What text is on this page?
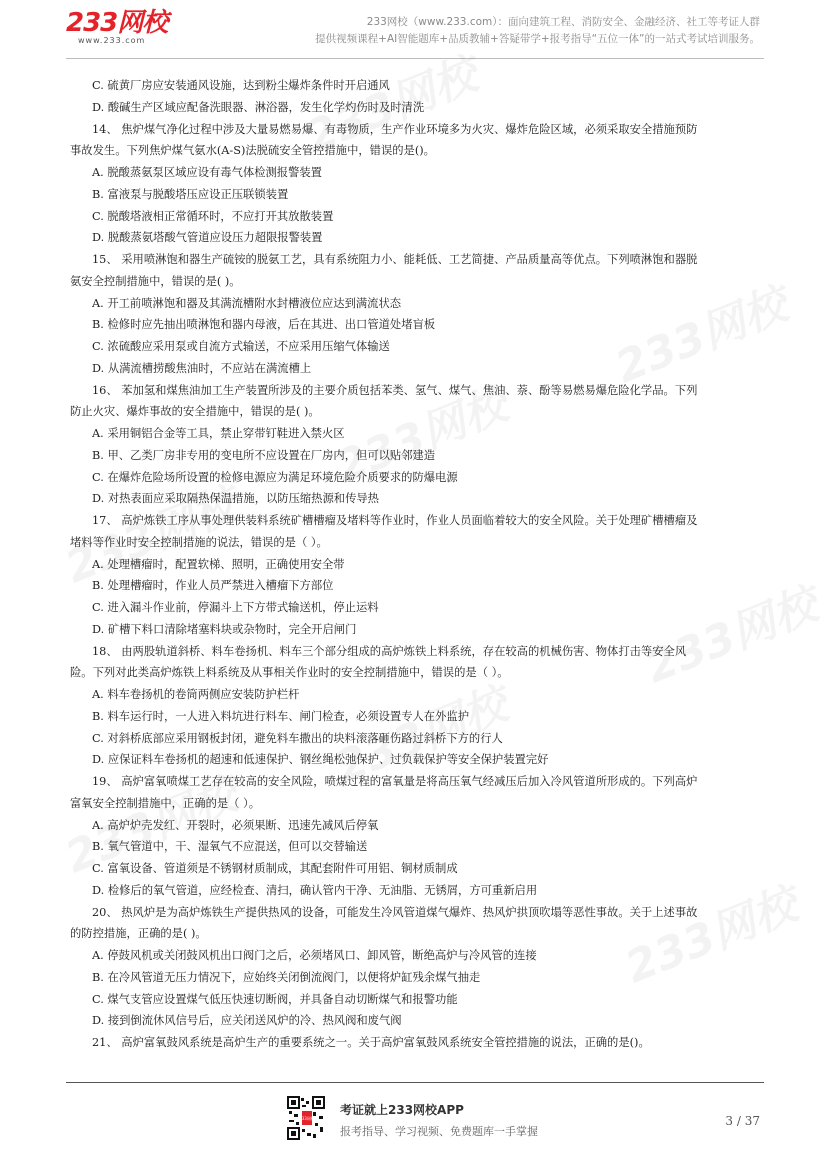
233网校
www.233.com
233网校（www.233.com）：面向建筑工程、消防安全、金融经济、社工等考证人群
提供视频课程+AI智能题库+品质教辅+答疑带学+报考指导“五位一体”的一站式考试培训服务。

C. 硫黄厂房应安装通风设施，达到粉尘爆炸条件时开启通风

D. 酸碱生产区域应配备洗眼器、淋浴器，发生化学灼伤时及时清洗

14、 焦炉煤气净化过程中涉及大量易燃易爆、有毒物质，生产作业环境多为火灾、爆炸危险区域，必须采取安全措施预防

事故发生。下列焦炉煤气氨水(A-S)法脱硫安全管控措施中，错误的是()。

A. 脱酸蒸氨泵区域应设有毒气体检测报警装置

B. 富液泵与脱酸塔压应设正压联锁装置

C. 脱酸塔液相正常循环时，不应打开其放散装置

D. 脱酸蒸氨塔酸气管道应设压力超限报警装置

15、 采用喷淋饱和器生产硫铵的脱氨工艺，具有系统阻力小、能耗低、工艺简捷、产品质量高等优点。下列喷淋饱和器脱

氨安全控制措施中，错误的是( )。

A. 开工前喷淋饱和器及其满流槽附水封槽液位应达到满流状态

B. 检修时应先抽出喷淋饱和器内母液，后在其进、出口管道处堵盲板

C. 浓硫酸应采用泵或自流方式输送，不应采用压缩气体输送

D. 从满流槽捞酸焦油时，不应站在满流槽上

16、 苯加氢和煤焦油加工生产装置所涉及的主要介质包括苯类、氢气、煤气、焦油、萘、酚等易燃易爆危险化学品。下列

防止火灾、爆炸事故的安全措施中，错误的是( )。

A. 采用铜铝合金等工具，禁止穿带钉鞋进入禁火区

B. 甲、乙类厂房非专用的变电所不应设置在厂房内，但可以贴邻建造

C. 在爆炸危险场所设置的检修电源应为满足环境危险介质要求的防爆电源

D. 对热表面应采取隔热保温措施，以防压缩热源和传导热

17、 高炉炼铁工序从事处理供装料系统矿槽槽瘤及堵料等作业时，作业人员面临着较大的安全风险。关于处理矿槽槽瘤及

堵料等作业时安全控制措施的说法，错误的是（ ）。

A. 处理槽瘤时，配置软梯、照明，正确使用安全带

B. 处理槽瘤时，作业人员严禁进入槽瘤下方部位

C. 进入漏斗作业前，停漏斗上下方带式输送机，停止运料

D. 矿槽下料口清除堵塞料块或杂物时，完全开启闸门

18、 由两股轨道斜桥、料车卷扬机、料车三个部分组成的高炉炼铁上料系统，存在较高的机械伤害、物体打击等安全风

险。下列对此类高炉炼铁上料系统及从事相关作业时的安全控制措施中，错误的是（ ）。

A. 料车卷扬机的卷筒两侧应安装防护栏杆

B. 料车运行时，一人进入料坑进行料车、闸门检查，必须设置专人在外监护

C. 对斜桥底部应采用钢板封闭，避免料车撒出的块料滚落砸伤路过斜桥下方的行人

D. 应保证料车卷扬机的超速和低速保护、钢丝绳松弛保护、过负载保护等安全保护装置完好

19、 高炉富氧喷煤工艺存在较高的安全风险，喷煤过程的富氧量是将高压氧气经减压后加入冷风管道所形成的。下列高炉

富氧安全控制措施中，正确的是（ ）。

A. 高炉炉壳发红、开裂时，必须果断、迅速先减风后停氧

B. 氧气管道中，干、湿氧气不应混送，但可以交替输送

C. 富氧设备、管道须是不锈钢材质制成，其配套附件可用铝、铜材质制成

D. 检修后的氧气管道，应经检查、清扫，确认管内干净、无油脂、无锈屑，方可重新启用

20、 热风炉是为高炉炼铁生产提供热风的设备，可能发生冷风管道煤气爆炸、热风炉拱顶吹塌等恶性事故。关于上述事故

的防控措施，正确的是( )。

A. 停鼓风机或关闭鼓风机出口阀门之后，必须堵风口、卸风管，断绝高炉与冷风管的连接

B. 在冷风管道无压力情况下，应始终关闭倒流阀门，以便将炉缸残余煤气抽走

C. 煤气支管应设置煤气低压快速切断阀，并具备自动切断煤气和报警功能

D. 接到倒流休风信号后，应关闭送风炉的冷、热风阀和废气阀

21、 高炉富氧鼓风系统是高炉生产的重要系统之一。关于高炉富氧鼓风系统安全管控措施的说法，正确的是()。

233网校
考证就上233网校APP
报考指导、学习视频、免费题库一手掌握
3 / 37
